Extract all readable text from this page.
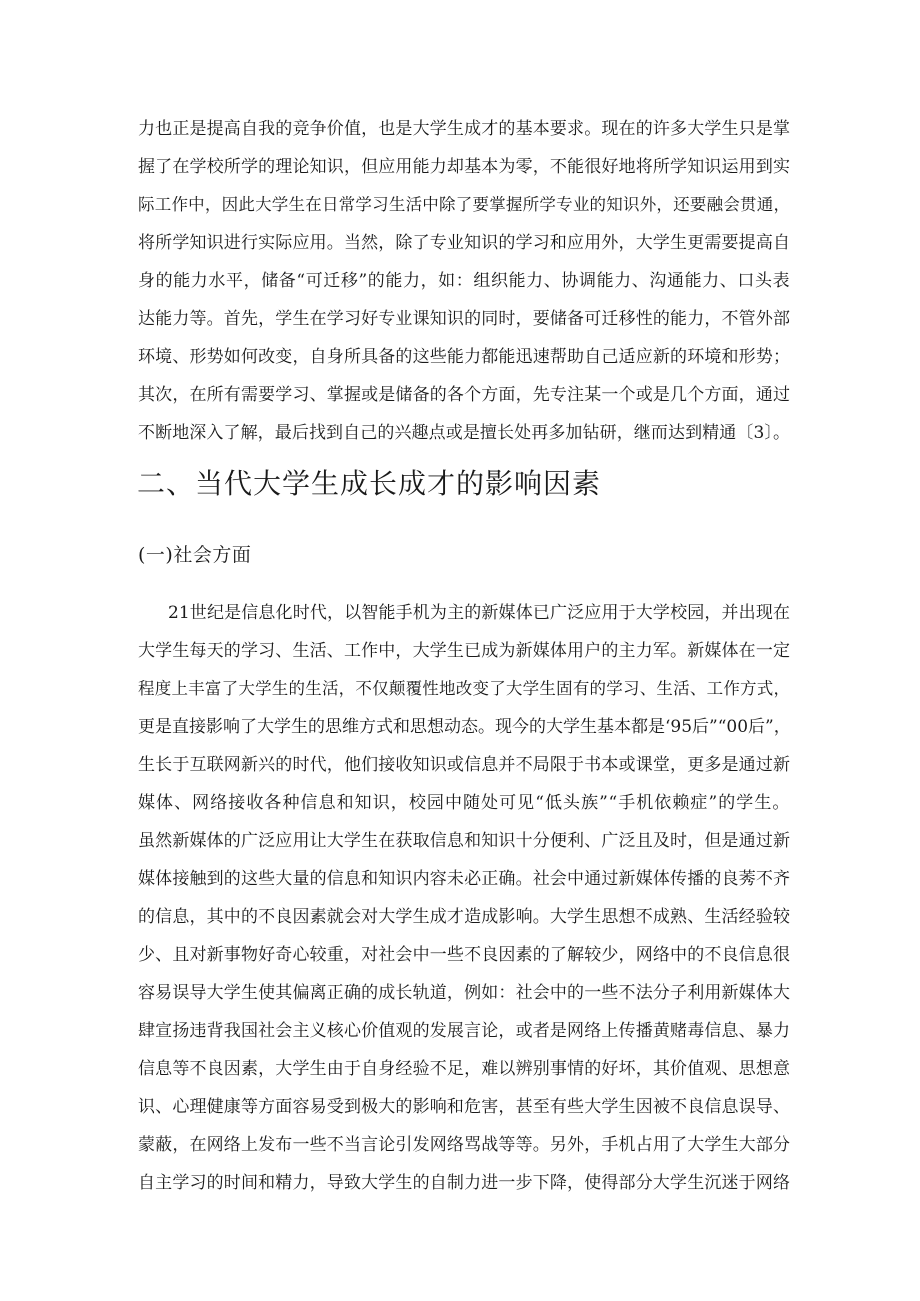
力也正是提高自我的竞争价值，也是大学生成才的基本要求。现在的许多大学生只是掌
握了在学校所学的理论知识，但应用能力却基本为零，不能很好地将所学知识运用到实
际工作中，因此大学生在日常学习生活中除了要掌握所学专业的知识外，还要融会贯通，
将所学知识进行实际应用。当然，除了专业知识的学习和应用外，大学生更需要提高自
身的能力水平，储备“可迁移”的能力，如：组织能力、协调能力、沟通能力、口头表
达能力等。首先，学生在学习好专业课知识的同时，要储备可迁移性的能力，不管外部
环境、形势如何改变，自身所具备的这些能力都能迅速帮助自己适应新的环境和形势；
其次，在所有需要学习、掌握或是储备的各个方面，先专注某一个或是几个方面，通过
不断地深入了解，最后找到自己的兴趣点或是擅长处再多加钻研，继而达到精通〔3〕。
二、当代大学生成长成才的影响因素
(一)社会方面
21世纪是信息化时代，以智能手机为主的新媒体已广泛应用于大学校园，并出现在
大学生每天的学习、生活、工作中，大学生已成为新媒体用户的主力军。新媒体在一定
程度上丰富了大学生的生活，不仅颠覆性地改变了大学生固有的学习、生活、工作方式，
更是直接影响了大学生的思维方式和思想动态。现今的大学生基本都是‘95后”“00后”，
生长于互联网新兴的时代，他们接收知识或信息并不局限于书本或课堂，更多是通过新
媒体、网络接收各种信息和知识，校园中随处可见“低头族”“手机依赖症”的学生。
虽然新媒体的广泛应用让大学生在获取信息和知识十分便利、广泛且及时，但是通过新
媒体接触到的这些大量的信息和知识内容未必正确。社会中通过新媒体传播的良莠不齐
的信息，其中的不良因素就会对大学生成才造成影响。大学生思想不成熟、生活经验较
少、且对新事物好奇心较重，对社会中一些不良因素的了解较少，网络中的不良信息很
容易误导大学生使其偏离正确的成长轨道，例如：社会中的一些不法分子利用新媒体大
肆宣扬违背我国社会主义核心价值观的发展言论，或者是网络上传播黄赌毒信息、暴力
信息等不良因素，大学生由于自身经验不足，难以辨别事情的好坏，其价值观、思想意
识、心理健康等方面容易受到极大的影响和危害，甚至有些大学生因被不良信息误导、
蒙蔽，在网络上发布一些不当言论引发网络骂战等等。另外，手机占用了大学生大部分
自主学习的时间和精力，导致大学生的自制力进一步下降，使得部分大学生沉迷于网络
